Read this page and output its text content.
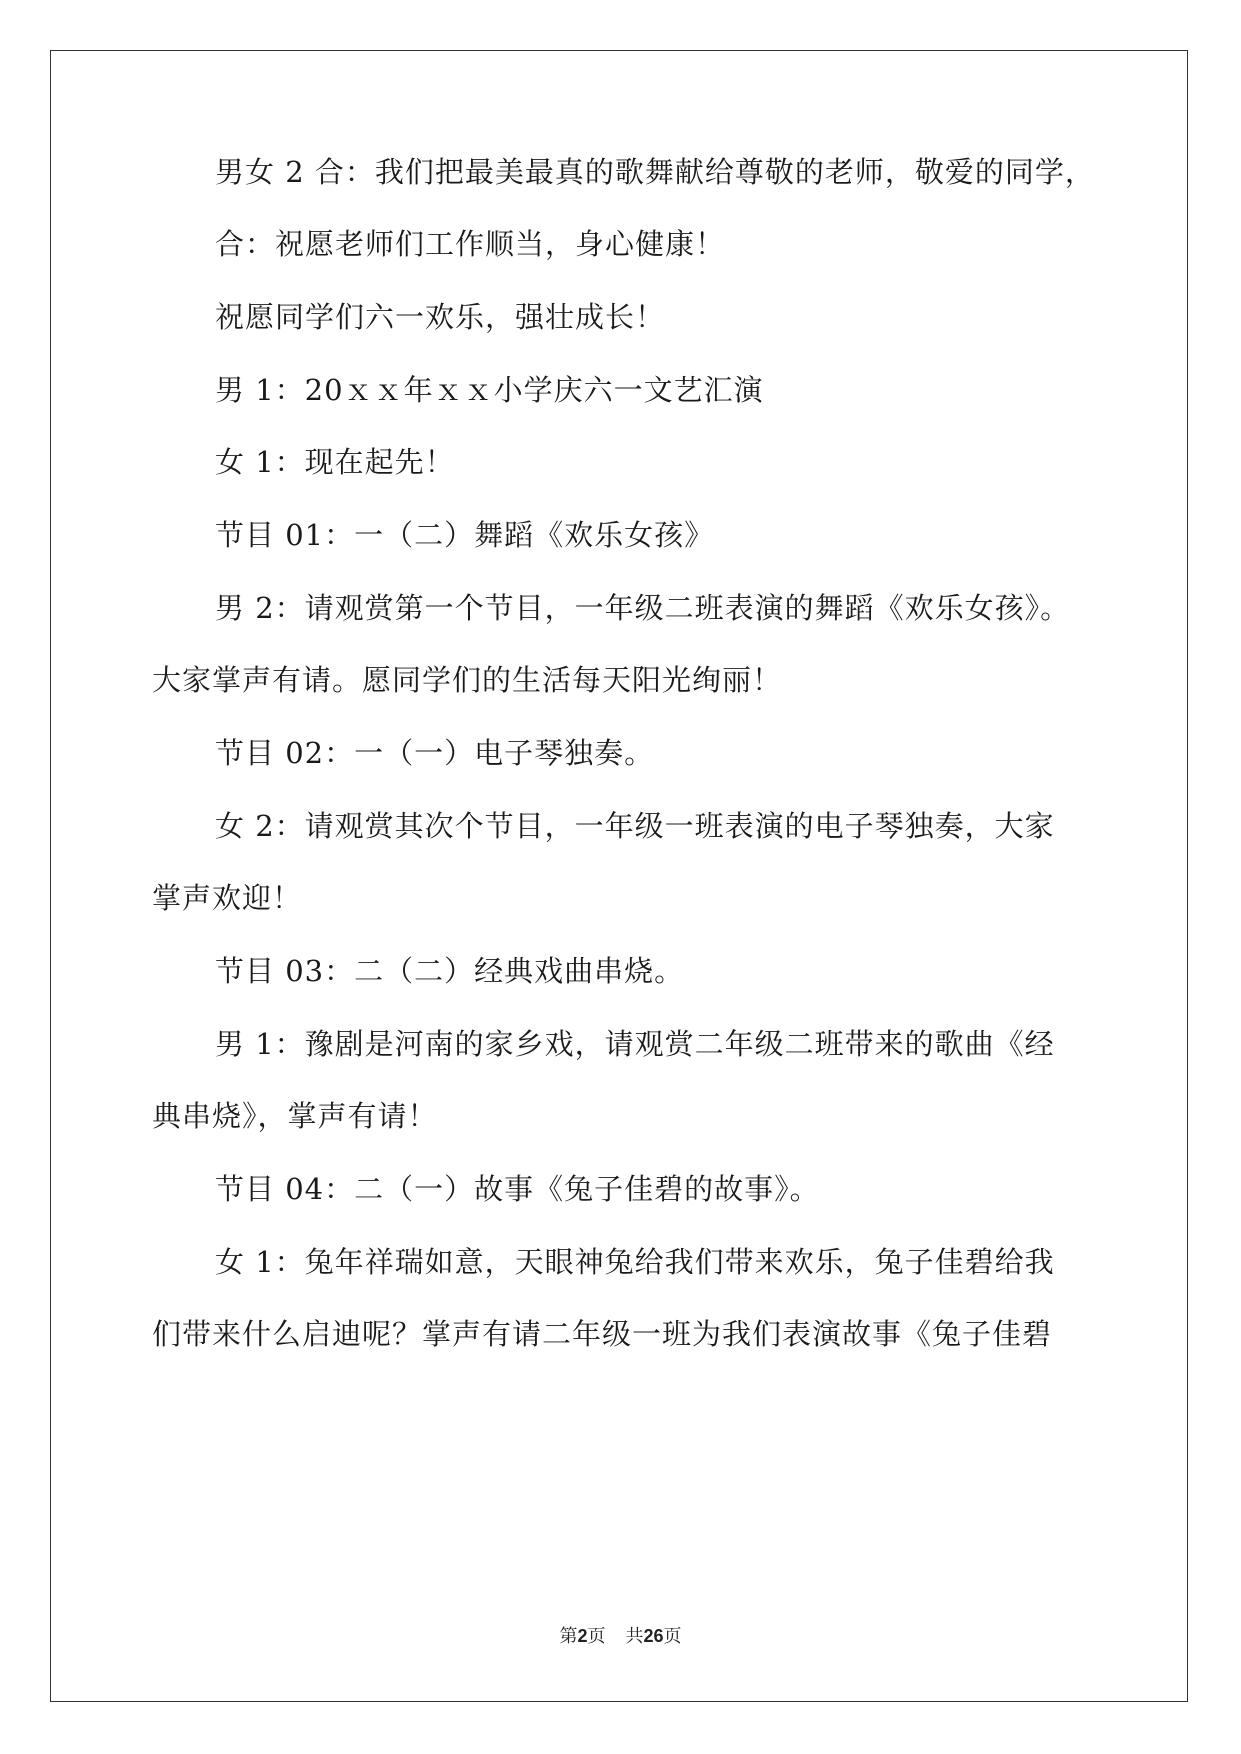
男女 2 合：我们把最美最真的歌舞献给尊敬的老师，敬爱的同学，
合：祝愿老师们工作顺当，身心健康！
祝愿同学们六一欢乐，强壮成长！
男 1：20ｘｘ年ｘｘ小学庆六一文艺汇演
女 1：现在起先！
节目 01：一（二）舞蹈《欢乐女孩》
男 2：请观赏第一个节目，一年级二班表演的舞蹈《欢乐女孩》。
大家掌声有请。愿同学们的生活每天阳光绚丽！
节目 02：一（一）电子琴独奏。
女 2：请观赏其次个节目，一年级一班表演的电子琴独奏，大家
掌声欢迎！
节目 03：二（二）经典戏曲串烧。
男 1：豫剧是河南的家乡戏，请观赏二年级二班带来的歌曲《经
典串烧》，掌声有请！
节目 04：二（一）故事《兔子佳碧的故事》。
女 1：兔年祥瑞如意，天眼神兔给我们带来欢乐，兔子佳碧给我
们带来什么启迪呢？掌声有请二年级一班为我们表演故事《兔子佳碧
第2页 共26页
